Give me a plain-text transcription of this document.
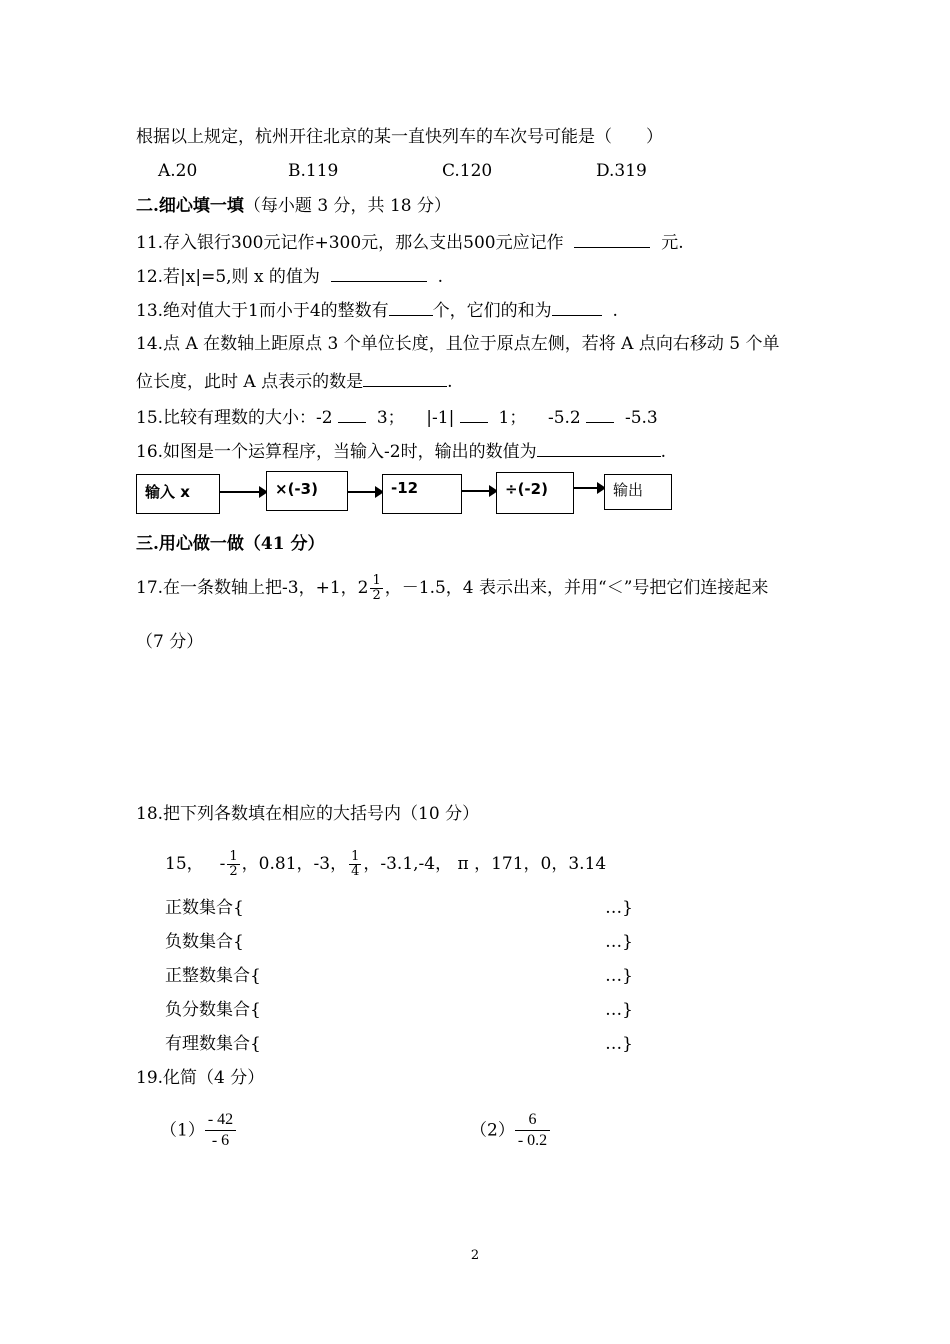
根据以上规定，杭州开往北京的某一直快列车的车次号可能是（　　）
A.20	B.119	C.120	D.319
二.细心填一填（每小题 3 分，共 18 分）
11.存入银行300元记作+300元，那么支出500元应记作	元.
12.若|x|=5,则 x 的值为	.
13.绝对值大于1而小于4的整数有	个，它们的和为	.
14.点 A 在数轴上距原点 3 个单位长度，且位于原点左侧，若将 A 点向右移动 5 个单
位长度，此时 A 点表示的数是	.
15.比较有理数的大小：-2	3； |-1|	1； -5.2	-5.3
16.如图是一个运算程序，当输入-2时，输出的数值为	.
输入 x	×(-3)	-12	÷(-2)	输出
三.用心做一做（41 分）
17.在一条数轴上把-3，+1，$2 \frac{1}{2}$ ，－1.5，4 表示出来，并用“＜”号把它们连接起来
（7 分）
18.把下列各数填在相应的大括号内（10 分）
15， - $\frac{1}{2}$ ，0.81，-3， $\frac{1}{4}$ ，-3.1,-4， π ，171，0，3.14
正数集合{	…}
负数集合{	…}
正整数集合{	…}
负分数集合{	…}
有理数集合{	…}
19.化简（4 分）
$(1) \frac{- 42}{- 6}$	$(2) \frac{6}{- 0.2}$
2
